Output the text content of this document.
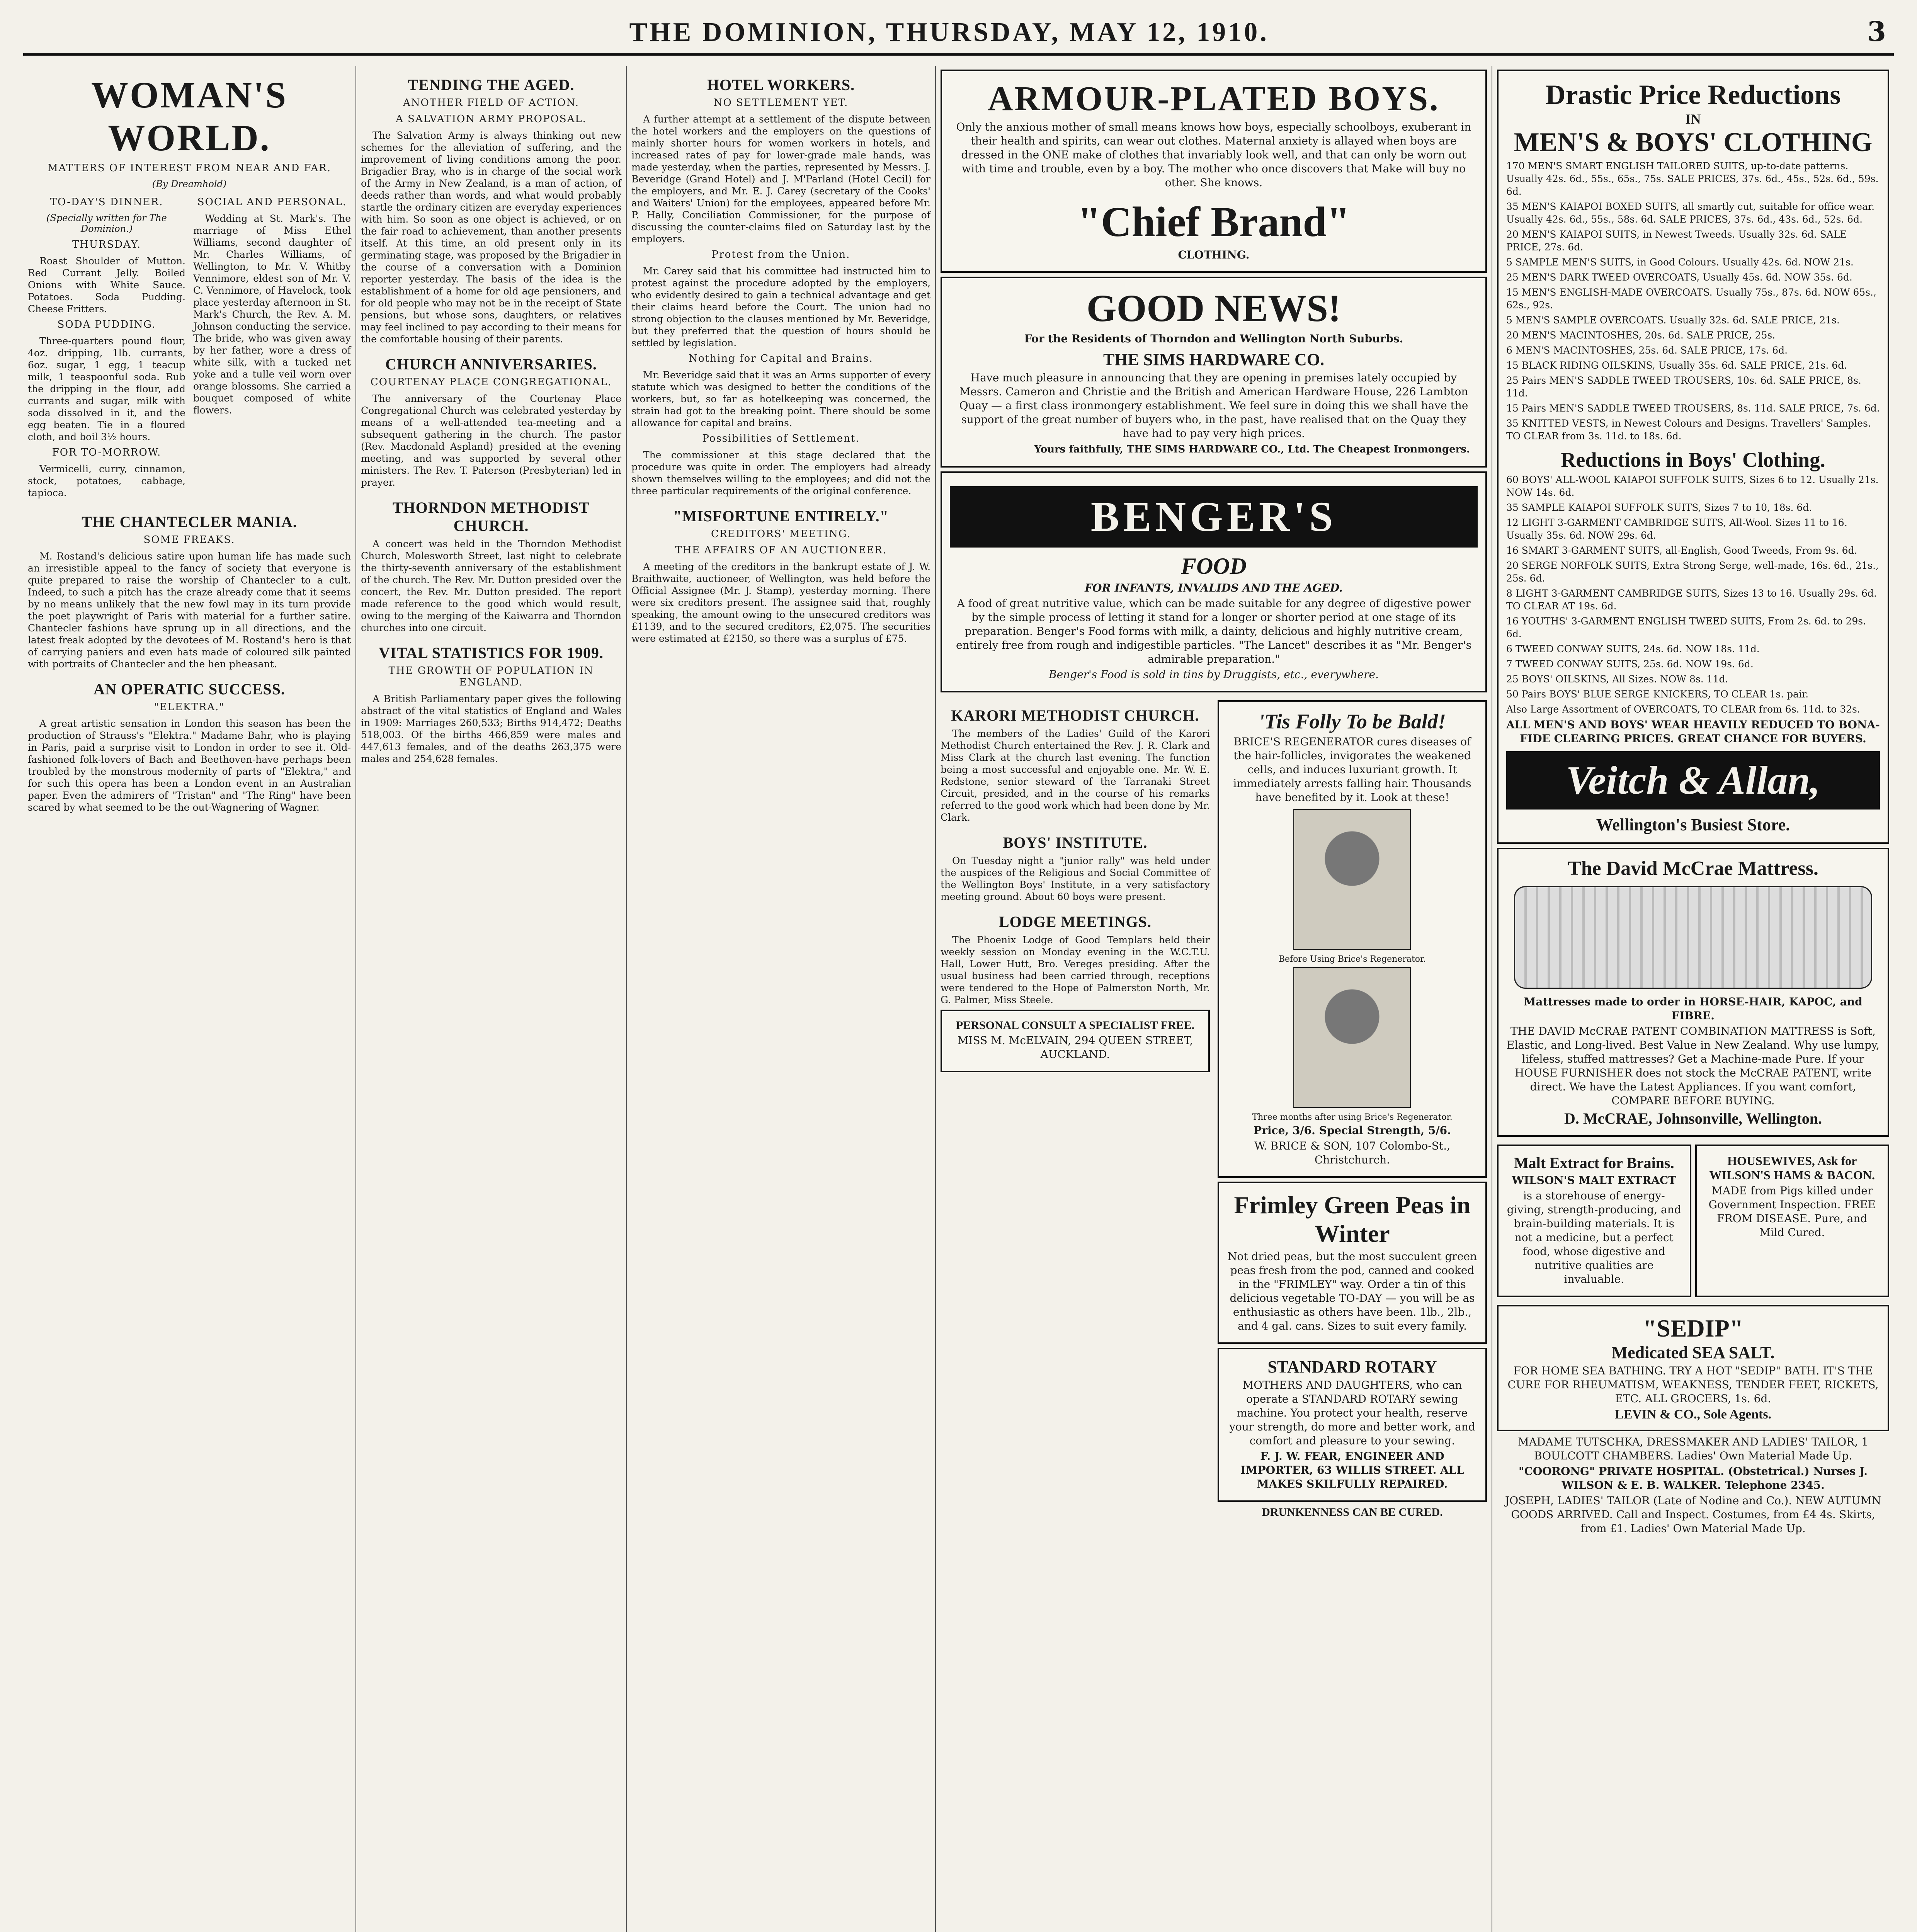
THE DOMINION, THURSDAY, MAY 12, 1910.	3
WOMAN'S WORLD.
MATTERS OF INTEREST FROM NEAR AND FAR.
(By Dreamhold)
TO-DAY'S DINNER.
(Specially written for The Dominion.)
THURSDAY.

Roast Shoulder of Mutton. Red Currant Jelly. Boiled Onions with White Sauce. Potatoes. Soda Pudding. Cheese Fritters.

SODA PUDDING.

Three-quarters pound flour, 4oz. dripping, 1lb. currants, 6oz. sugar, 1 egg, 1 teacup milk, 1 teaspoonful soda. Rub the dripping in the flour, add currants and sugar, milk with soda dissolved in it, and the egg beaten. Tie in a floured cloth, and boil 3½ hours.

FOR TO-MORROW.

Vermicelli, curry, cinnamon, stock, potatoes, cabbage, tapioca.

SOCIAL AND PERSONAL.

Wedding at St. Mark's. The marriage of Miss Ethel Williams, second daughter of Mr. Charles Williams, of Wellington, to Mr. V. Whitby Vennimore, eldest son of Mr. V. C. Vennimore, of Havelock, took place yesterday afternoon in St. Mark's Church, the Rev. A. M. Johnson conducting the service. The bride, who was given away by her father, wore a dress of white silk, with a tucked net yoke and a tulle veil worn over orange blossoms. She carried a bouquet composed of white flowers.

THE CHANTECLER MANIA.
SOME FREAKS.

M. Rostand's delicious satire upon human life has made such an irresistible appeal to the fancy of society that everyone is quite prepared to raise the worship of Chantecler to a cult. Indeed, to such a pitch has the craze already come that it seems by no means unlikely that the new fowl may in its turn provide the poet playwright of Paris with material for a further satire. Chantecler fashions have sprung up in all directions, and the latest freak adopted by the devotees of M. Rostand's hero is that of carrying paniers and even hats made of coloured silk painted with portraits of Chantecler and the hen pheasant.

AN OPERATIC SUCCESS.
"ELEKTRA."

A great artistic sensation in London this season has been the production of Strauss's "Elektra." Madame Bahr, who is playing in Paris, paid a surprise visit to London in order to see it. Old-fashioned folk-lovers of Bach and Beethoven-have perhaps been troubled by the monstrous modernity of parts of "Elektra," and for such this opera has been a London event in an Australian paper. Even the admirers of "Tristan" and "The Ring" have been scared by what seemed to be the out-Wagnering of Wagner.

TENDING THE AGED.
ANOTHER FIELD OF ACTION.
A SALVATION ARMY PROPOSAL.

The Salvation Army is always thinking out new schemes for the alleviation of suffering, and the improvement of living conditions among the poor. Brigadier Bray, who is in charge of the social work of the Army in New Zealand, is a man of action, of deeds rather than words, and what would probably startle the ordinary citizen are everyday experiences with him. So soon as one object is achieved, or on the fair road to achievement, than another presents itself. At this time, an old present only in its germinating stage, was proposed by the Brigadier in the course of a conversation with a Dominion reporter yesterday. The basis of the idea is the establishment of a home for old age pensioners, and for old people who may not be in the receipt of State pensions, but whose sons, daughters, or relatives may feel inclined to pay according to their means for the comfortable housing of their parents.

CHURCH ANNIVERSARIES.
COURTENAY PLACE CONGREGATIONAL.

The anniversary of the Courtenay Place Congregational Church was celebrated yesterday by means of a well-attended tea-meeting and a subsequent gathering in the church. The pastor (Rev. Macdonald Aspland) presided at the evening meeting, and was supported by several other ministers. The Rev. T. Paterson (Presbyterian) led in prayer.

THORNDON METHODIST CHURCH.

A concert was held in the Thorndon Methodist Church, Molesworth Street, last night to celebrate the thirty-seventh anniversary of the establishment of the church. The Rev. Mr. Dutton presided over the concert, the Rev. Mr. Dutton presided. The report made reference to the good which would result, owing to the merging of the Kaiwarra and Thorndon churches into one circuit.

VITAL STATISTICS FOR 1909.
THE GROWTH OF POPULATION IN ENGLAND.

A British Parliamentary paper gives the following abstract of the vital statistics of England and Wales in 1909: Marriages 260,533; Births 914,472; Deaths 518,003. Of the births 466,859 were males and 447,613 females, and of the deaths 263,375 were males and 254,628 females.

HOTEL WORKERS.
NO SETTLEMENT YET.

A further attempt at a settlement of the dispute between the hotel workers and the employers on the questions of mainly shorter hours for women workers in hotels, and increased rates of pay for lower-grade male hands, was made yesterday, when the parties, represented by Messrs. J. Beveridge (Grand Hotel) and J. M'Parland (Hotel Cecil) for the employers, and Mr. E. J. Carey (secretary of the Cooks' and Waiters' Union) for the employees, appeared before Mr. P. Hally, Conciliation Commissioner, for the purpose of discussing the counter-claims filed on Saturday last by the employers.

Protest from the Union.

Mr. Carey said that his committee had instructed him to protest against the procedure adopted by the employers, who evidently desired to gain a technical advantage and get their claims heard before the Court. The union had no strong objection to the clauses mentioned by Mr. Beveridge, but they preferred that the question of hours should be settled by legislation.

Nothing for Capital and Brains.

Mr. Beveridge said that it was an Arms supporter of every statute which was designed to better the conditions of the workers, but, so far as hotelkeeping was concerned, the strain had got to the breaking point. There should be some allowance for capital and brains.

Possibilities of Settlement.

The commissioner at this stage declared that the procedure was quite in order. The employers had already shown themselves willing to the employees; and did not the three particular requirements of the original conference.

"MISFORTUNE ENTIRELY."
CREDITORS' MEETING.
THE AFFAIRS OF AN AUCTIONEER.

A meeting of the creditors in the bankrupt estate of J. W. Braithwaite, auctioneer, of Wellington, was held before the Official Assignee (Mr. J. Stamp), yesterday morning. There were six creditors present. The assignee said that, roughly speaking, the amount owing to the unsecured creditors was £1139, and to the secured creditors, £2,075. The securities were estimated at £2150, so there was a surplus of £75.

ARMOUR-PLATED BOYS.
Only the anxious mother of small means knows how boys, especially schoolboys, exuberant in their health and spirits, can wear out clothes. Maternal anxiety is allayed when boys are dressed in the ONE make of clothes that invariably look well, and that can only be worn out with time and trouble, even by a boy. The mother who once discovers that Make will buy no other. She knows.
"Chief Brand"
CLOTHING.
GOOD NEWS!
For the Residents of Thorndon and Wellington North Suburbs.
THE SIMS HARDWARE CO.
Have much pleasure in announcing that they are opening in premises lately occupied by Messrs. Cameron and Christie and the British and American Hardware House, 226 Lambton Quay — a first class ironmongery establishment. We feel sure in doing this we shall have the support of the great number of buyers who, in the past, have realised that on the Quay they have had to pay very high prices.
Yours faithfully, THE SIMS HARDWARE CO., Ltd. The Cheapest Ironmongers.
BENGER'S
FOOD
FOR INFANTS, INVALIDS AND THE AGED.
A food of great nutritive value, which can be made suitable for any degree of digestive power by the simple process of letting it stand for a longer or shorter period at one stage of its preparation. Benger's Food forms with milk, a dainty, delicious and highly nutritive cream, entirely free from rough and indigestible particles. "The Lancet" describes it as "Mr. Benger's admirable preparation."
Benger's Food is sold in tins by Druggists, etc., everywhere.
KARORI METHODIST CHURCH.

The members of the Ladies' Guild of the Karori Methodist Church entertained the Rev. J. R. Clark and Miss Clark at the church last evening. The function being a most successful and enjoyable one. Mr. W. E. Redstone, senior steward of the Tarranaki Street Circuit, presided, and in the course of his remarks referred to the good work which had been done by Mr. Clark.

BOYS' INSTITUTE.

On Tuesday night a "junior rally" was held under the auspices of the Religious and Social Committee of the Wellington Boys' Institute, in a very satisfactory meeting ground. About 60 boys were present.

LODGE MEETINGS.

The Phoenix Lodge of Good Templars held their weekly session on Monday evening in the W.C.T.U. Hall, Lower Hutt, Bro. Vereges presiding. After the usual business had been carried through, receptions were tendered to the Hope of Palmerston North, Mr. G. Palmer, Miss Steele.

PERSONAL CONSULT A SPECIALIST FREE.
MISS M. McELVAIN, 294 QUEEN STREET, AUCKLAND.
'Tis Folly To be Bald!
BRICE'S REGENERATOR cures diseases of the hair-follicles, invigorates the weakened cells, and induces luxuriant growth. It immediately arrests falling hair. Thousands have benefited by it. Look at these!
Before Using Brice's Regenerator.

Three months after using Brice's Regenerator.
Price, 3/6. Special Strength, 5/6.
W. BRICE & SON, 107 Colombo-St., Christchurch.
Frimley Green Peas in Winter
Not dried peas, but the most succulent green peas fresh from the pod, canned and cooked in the "FRIMLEY" way. Order a tin of this delicious vegetable TO-DAY — you will be as enthusiastic as others have been. 1lb., 2lb., and 4 gal. cans. Sizes to suit every family.
STANDARD ROTARY
MOTHERS AND DAUGHTERS, who can operate a STANDARD ROTARY sewing machine. You protect your health, reserve your strength, do more and better work, and comfort and pleasure to your sewing.
F. J. W. FEAR, ENGINEER AND IMPORTER, 63 WILLIS STREET. ALL MAKES SKILFULLY REPAIRED.
DRUNKENNESS CAN BE CURED.
Drastic Price Reductions
IN
MEN'S & BOYS' CLOTHING
170 MEN'S SMART ENGLISH TAILORED SUITS, up-to-date patterns. Usually 42s. 6d., 55s., 65s., 75s. SALE PRICES, 37s. 6d., 45s., 52s. 6d., 59s. 6d.
35 MEN'S KAIAPOI BOXED SUITS, all smartly cut, suitable for office wear. Usually 42s. 6d., 55s., 58s. 6d. SALE PRICES, 37s. 6d., 43s. 6d., 52s. 6d.
20 MEN'S KAIAPOI SUITS, in Newest Tweeds. Usually 32s. 6d. SALE PRICE, 27s. 6d.
5 SAMPLE MEN'S SUITS, in Good Colours. Usually 42s. 6d. NOW 21s.
25 MEN'S DARK TWEED OVERCOATS, Usually 45s. 6d. NOW 35s. 6d.
15 MEN'S ENGLISH-MADE OVERCOATS. Usually 75s., 87s. 6d. NOW 65s., 62s., 92s.
5 MEN'S SAMPLE OVERCOATS. Usually 32s. 6d. SALE PRICE, 21s.
20 MEN'S MACINTOSHES, 20s. 6d. SALE PRICE, 25s.
6 MEN'S MACINTOSHES, 25s. 6d. SALE PRICE, 17s. 6d.
15 BLACK RIDING OILSKINS, Usually 35s. 6d. SALE PRICE, 21s. 6d.
25 Pairs MEN'S SADDLE TWEED TROUSERS, 10s. 6d. SALE PRICE, 8s. 11d.
15 Pairs MEN'S SADDLE TWEED TROUSERS, 8s. 11d. SALE PRICE, 7s. 6d.
35 KNITTED VESTS, in Newest Colours and Designs. Travellers' Samples. TO CLEAR from 3s. 11d. to 18s. 6d.
Reductions in Boys' Clothing.
60 BOYS' ALL-WOOL KAIAPOI SUFFOLK SUITS, Sizes 6 to 12. Usually 21s. NOW 14s. 6d.
35 SAMPLE KAIAPOI SUFFOLK SUITS, Sizes 7 to 10, 18s. 6d.
12 LIGHT 3-GARMENT CAMBRIDGE SUITS, All-Wool. Sizes 11 to 16. Usually 35s. 6d. NOW 29s. 6d.
16 SMART 3-GARMENT SUITS, all-English, Good Tweeds, From 9s. 6d.
20 SERGE NORFOLK SUITS, Extra Strong Serge, well-made, 16s. 6d., 21s., 25s. 6d.
8 LIGHT 3-GARMENT CAMBRIDGE SUITS, Sizes 13 to 16. Usually 29s. 6d. TO CLEAR AT 19s. 6d.
16 YOUTHS' 3-GARMENT ENGLISH TWEED SUITS, From 2s. 6d. to 29s. 6d.
6 TWEED CONWAY SUITS, 24s. 6d. NOW 18s. 11d.
7 TWEED CONWAY SUITS, 25s. 6d. NOW 19s. 6d.
25 BOYS' OILSKINS, All Sizes. NOW 8s. 11d.
50 Pairs BOYS' BLUE SERGE KNICKERS, TO CLEAR 1s. pair.
Also Large Assortment of OVERCOATS, TO CLEAR from 6s. 11d. to 32s.
ALL MEN'S AND BOYS' WEAR HEAVILY REDUCED TO BONA-FIDE CLEARING PRICES. GREAT CHANCE FOR BUYERS.
Veitch & Allan,
Wellington's Busiest Store.
The David McCrae Mattress.
Mattresses made to order in HORSE-HAIR, KAPOC, and FIBRE.
THE DAVID McCRAE PATENT COMBINATION MATTRESS is Soft, Elastic, and Long-lived. Best Value in New Zealand. Why use lumpy, lifeless, stuffed mattresses? Get a Machine-made Pure. If your HOUSE FURNISHER does not stock the McCRAE PATENT, write direct. We have the Latest Appliances. If you want comfort, COMPARE BEFORE BUYING.
D. McCRAE, Johnsonville, Wellington.
Malt Extract for Brains.
WILSON'S MALT EXTRACT
is a storehouse of energy-giving, strength-producing, and brain-building materials. It is not a medicine, but a perfect food, whose digestive and nutritive qualities are invaluable.
HOUSEWIVES, Ask for WILSON'S HAMS & BACON.
MADE from Pigs killed under Government Inspection. FREE FROM DISEASE. Pure, and Mild Cured.
"SEDIP"
Medicated SEA SALT.
FOR HOME SEA BATHING. TRY A HOT "SEDIP" BATH. IT'S THE CURE FOR RHEUMATISM, WEAKNESS, TENDER FEET, RICKETS, ETC. ALL GROCERS, 1s. 6d.
LEVIN & CO., Sole Agents.
MADAME TUTSCHKA, DRESSMAKER AND LADIES' TAILOR, 1 BOULCOTT CHAMBERS. Ladies' Own Material Made Up.
"COORONG" PRIVATE HOSPITAL. (Obstetrical.) Nurses J. WILSON & E. B. WALKER. Telephone 2345.
JOSEPH, LADIES' TAILOR (Late of Nodine and Co.). NEW AUTUMN GOODS ARRIVED. Call and Inspect. Costumes, from £4 4s. Skirts, from £1. Ladies' Own Material Made Up.
